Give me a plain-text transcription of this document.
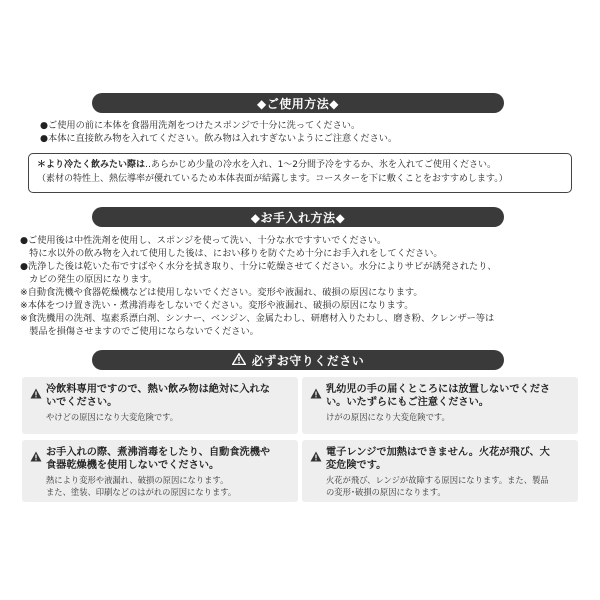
◆ご使用方法◆
●ご使用の前に本体を食器用洗剤をつけたスポンジで十分に洗ってください。
●本体に直接飲み物を入れてください。飲み物は入れすぎないようにご注意ください。
＊より冷たく飲みたい際は‥あらかじめ少量の冷水を入れ、1〜2分間予冷をするか、氷を入れてご使用ください。
（素材の特性上、熱伝導率が優れているため本体表面が結露します。コースターを下に敷くことをおすすめします。）
◆お手入れ方法◆
●ご使用後は中性洗剤を使用し、スポンジを使って洗い、十分な水ですすいでください。
　特に水以外の飲み物を入れて使用した後は、におい移りを防ぐため十分にお手入れをしてください。
●洗浄した後は乾いた布ですばやく水分を拭き取り、十分に乾燥させてください。水分によりサビが誘発されたり、
　カビの発生の原因になります。
※自動食洗機や食器乾燥機などは使用しないでください。変形や液漏れ、破損の原因になります。
※本体をつけ置き洗い・煮沸消毒をしないでください。変形や液漏れ、破損の原因になります。
※食洗機用の洗剤、塩素系漂白剤、シンナー、ベンジン、金属たわし、研磨材入りたわし、磨き粉、クレンザー等は
　製品を損傷させますのでご使用にならないでください。
必ずお守りください
冷飲料専用ですので、熱い飲み物は絶対に入れな
いでください。
やけどの原因になり大変危険です。
乳幼児の手の届くところには放置しないでくださ
い。いたずらにもご注意ください。
けがの原因になり大変危険です。
お手入れの際、煮沸消毒をしたり、自動食洗機や
食器乾燥機を使用しないでください。
熱により変形や液漏れ、破損の原因になります。
また、塗装、印刷などのはがれの原因になります。
電子レンジで加熱はできません。火花が飛び、大
変危険です。
火花が飛び、レンジが故障する原因になります。また、製品
の変形･破損の原因になります。
